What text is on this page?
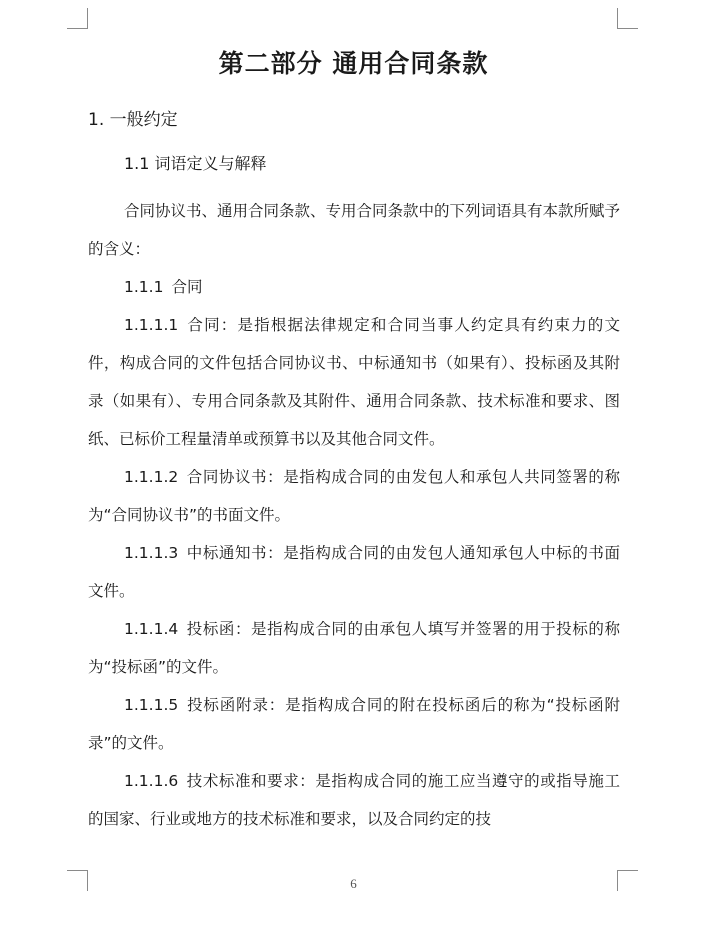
第二部分 通用合同条款
1. 一般约定
1.1 词语定义与解释

合同协议书、通用合同条款、专用合同条款中的下列词语具有本款所赋予的含义：

1.1.1 合同

1.1.1.1 合同：是指根据法律规定和合同当事人约定具有约束力的文件，构成合同的文件包括合同协议书、中标通知书（如果有）、投标函及其附录（如果有）、专用合同条款及其附件、通用合同条款、技术标准和要求、图纸、已标价工程量清单或预算书以及其他合同文件。

1.1.1.2 合同协议书：是指构成合同的由发包人和承包人共同签署的称为“合同协议书”的书面文件。

1.1.1.3 中标通知书：是指构成合同的由发包人通知承包人中标的书面文件。

1.1.1.4 投标函：是指构成合同的由承包人填写并签署的用于投标的称为“投标函”的文件。

1.1.1.5 投标函附录：是指构成合同的附在投标函后的称为“投标函附录”的文件。

1.1.1.6 技术标准和要求：是指构成合同的施工应当遵守的或指导施工的国家、行业或地方的技术标准和要求，以及合同约定的技

6
